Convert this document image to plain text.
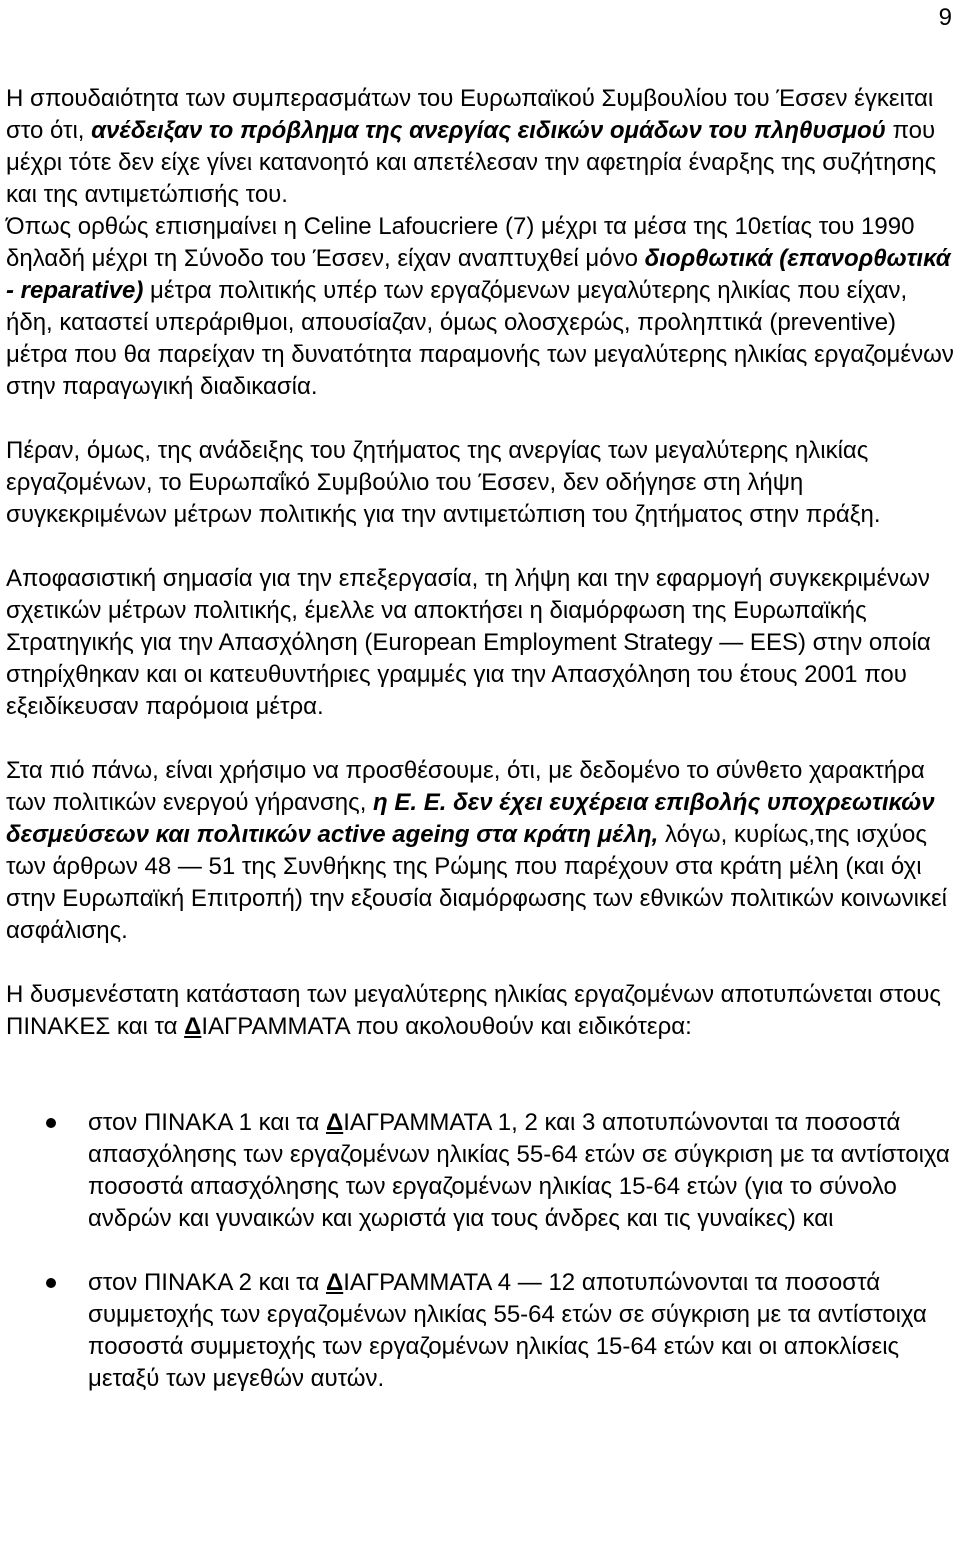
9

Η σπουδαιότητα των συμπερασμάτων του Ευρωπαϊκού Συμβουλίου του Έσσεν έγκειται στο ότι, ανέδειξαν το πρόβλημα της ανεργίας ειδικών ομάδων του πληθυσμού που μέχρι τότε δεν είχε γίνει κατανοητό και απετέλεσαν την αφετηρία έναρξης της συζήτησης και της αντιμετώπισής του.

Όπως ορθώς επισημαίνει η Celine Lafoucriere (7) μέχρι τα μέσα της 10ετίας του 1990 δηλαδή μέχρι τη Σύνοδο του Έσσεν, είχαν αναπτυχθεί μόνο διορθωτικά (επανορθωτικά - reparative) μέτρα πολιτικής υπέρ των εργαζόμενων μεγαλύτερης ηλικίας που είχαν, ήδη, καταστεί υπεράριθμοι, απουσίαζαν, όμως ολοσχερώς, προληπτικά (preventive) μέτρα που θα παρείχαν τη δυνατότητα παραμονής των μεγαλύτερης ηλικίας εργαζομένων στην παραγωγική διαδικασία.

Πέραν, όμως, της ανάδειξης του ζητήματος της ανεργίας των μεγαλύτερης ηλικίας εργαζομένων, το Ευρωπαΐκό Συμβούλιο του Έσσεν, δεν οδήγησε στη λήψη συγκεκριμένων μέτρων πολιτικής για την αντιμετώπιση του ζητήματος στην πράξη.

Αποφασιστική σημασία για την επεξεργασία, τη λήψη και την εφαρμογή συγκεκριμένων σχετικών μέτρων πολιτικής, έμελλε να αποκτήσει η διαμόρφωση της Ευρωπαϊκής Στρατηγικής για την Απασχόληση (European Employment Strategy — EES) στην οποία στηρίχθηκαν και οι κατευθυντήριες γραμμές για την Απασχόληση του έτους 2001 που εξειδίκευσαν παρόμοια μέτρα.

Στα πιό πάνω, είναι χρήσιμο να προσθέσουμε, ότι, με δεδομένο το σύνθετο χαρακτήρα των πολιτικών ενεργού γήρανσης, η Ε. Ε. δεν έχει ευχέρεια επιβολής υποχρεωτικών δεσμεύσεων και πολιτικών active ageing στα κράτη μέλη, λόγω, κυρίως,της ισχύος των άρθρων 48 — 51 της Συνθήκης της Ρώμης που παρέχουν στα κράτη μέλη (και όχι στην Ευρωπαϊκή Επιτροπή) την εξουσία διαμόρφωσης των εθνικών πολιτικών κοινωνικεί ασφάλισης.

Η δυσμενέστατη κατάσταση των μεγαλύτερης ηλικίας εργαζομένων αποτυπώνεται στους ΠΙΝΑΚΕΣ και τα ΔΙΑΓΡΑΜΜΑΤΑ που ακολουθούν και ειδικότερα:

στον ΠΙΝΑΚΑ 1 και τα ΔΙΑΓΡΑΜΜΑΤΑ 1, 2 και 3 αποτυπώνονται τα ποσοστά απασχόλησης των εργαζομένων ηλικίας 55-64 ετών σε σύγκριση με τα αντίστοιχα ποσοστά απασχόλησης των εργαζομένων ηλικίας 15-64 ετών (για το σύνολο ανδρών και γυναικών και χωριστά για τους άνδρες και τις γυναίκες) και
στον ΠΙΝΑΚΑ 2 και τα ΔΙΑΓΡΑΜΜΑΤΑ 4 — 12 αποτυπώνονται τα ποσοστά συμμετοχής των εργαζομένων ηλικίας 55-64 ετών σε σύγκριση με τα αντίστοιχα ποσοστά συμμετοχής των εργαζομένων ηλικίας 15-64 ετών και οι αποκλίσεις μεταξύ των μεγεθών αυτών.
